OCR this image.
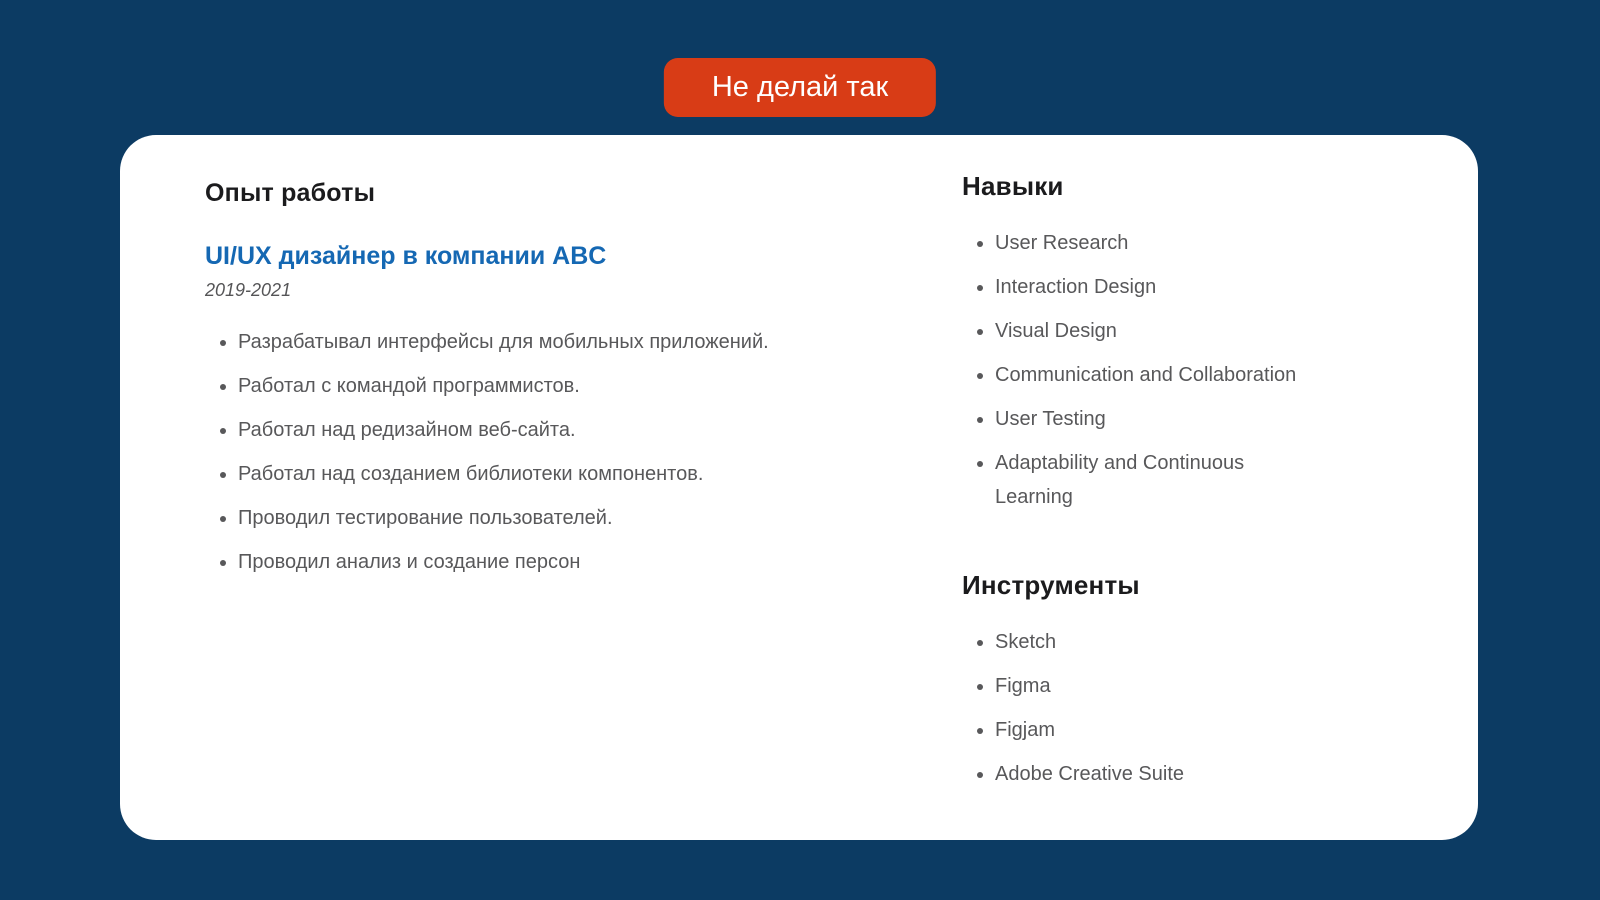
Не делай так
Опыт работы
UI/UX дизайнер в компании ABC
2019-2021
• Разрабатывал интерфейсы для мобильных приложений.
• Работал с командой программистов.
• Работал над редизайном веб-сайта.
• Работал над созданием библиотеки компонентов.
• Проводил тестирование пользователей.
• Проводил анализ и создание персон
Навыки
• User Research
• Interaction Design
• Visual Design
• Communication and Collaboration
• User Testing
• Adaptability and Continuous Learning
Инструменты
• Sketch
• Figma
• Figjam
• Adobe Creative Suite
